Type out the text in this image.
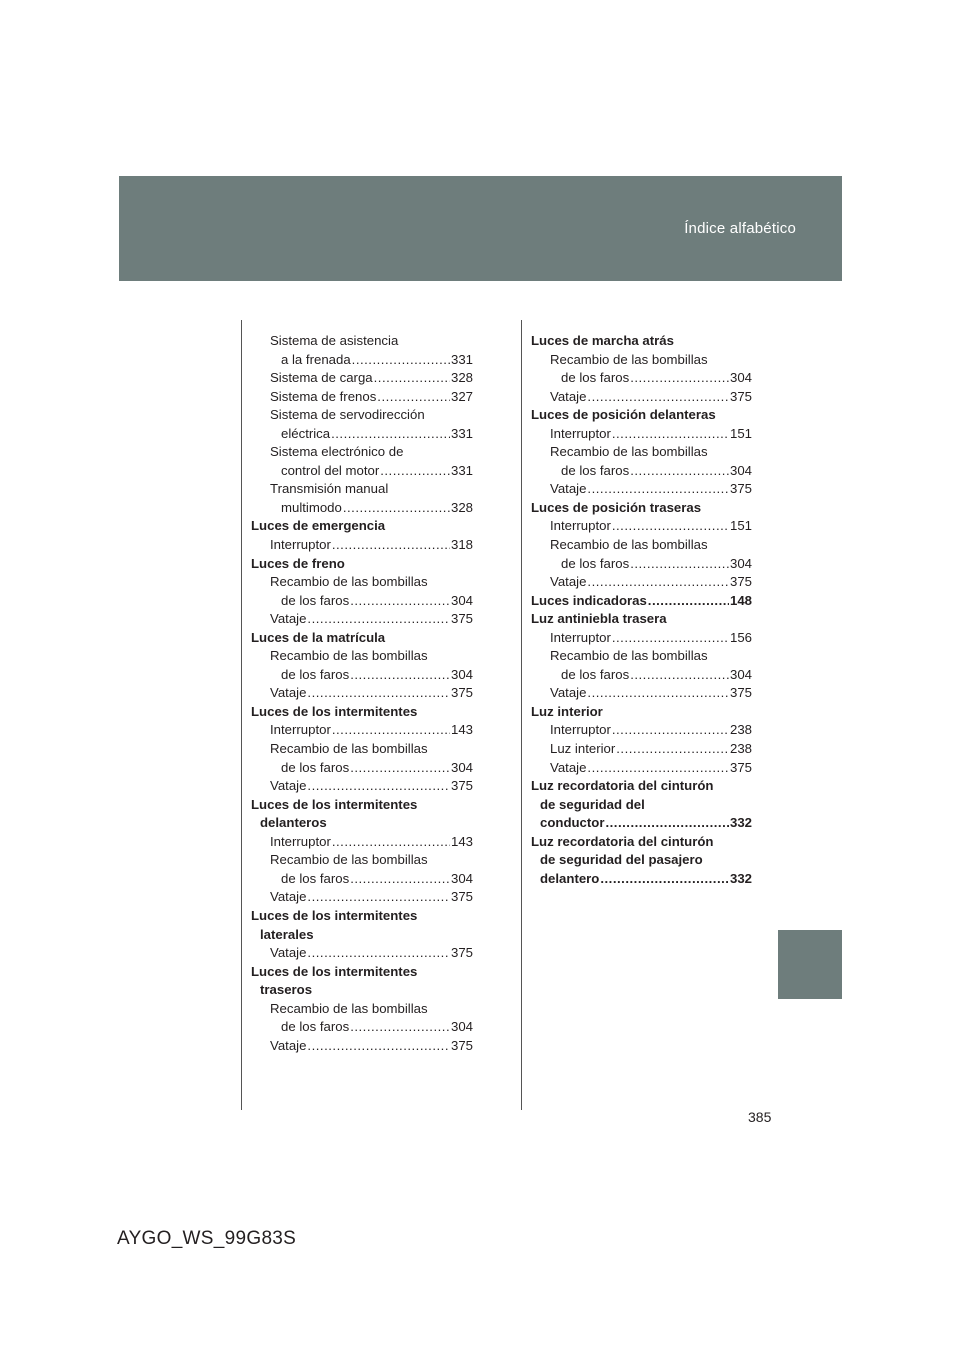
Índice alfabético
Sistema de asistencia
a la frenada .....	331
Sistema de carga .....	328
Sistema de frenos .....	327
Sistema de servodirección
eléctrica .....	331
Sistema electrónico de
control del motor .....	331
Transmisión manual
multimodo .....	328
Luces de emergencia
Interruptor .....	318
Luces de freno
Recambio de las bombillas
de los faros .....	304
Vataje .....	375
Luces de la matrícula
Recambio de las bombillas
de los faros .....	304
Vataje .....	375
Luces de los intermitentes
Interruptor .....	143
Recambio de las bombillas
de los faros .....	304
Vataje .....	375
Luces de los intermitentes
delanteros
Interruptor .....	143
Recambio de las bombillas
de los faros .....	304
Vataje .....	375
Luces de los intermitentes
laterales
Vataje .....	375
Luces de los intermitentes
traseros
Recambio de las bombillas
de los faros .....	304
Vataje .....	375
Luces de marcha atrás
Recambio de las bombillas
de los faros .....	304
Vataje .....	375
Luces de posición delanteras
Interruptor .....	151
Recambio de las bombillas
de los faros .....	304
Vataje .....	375
Luces de posición traseras
Interruptor .....	151
Recambio de las bombillas
de los faros .....	304
Vataje .....	375
Luces indicadoras .....	148
Luz antiniebla trasera
Interruptor .....	156
Recambio de las bombillas
de los faros .....	304
Vataje .....	375
Luz interior
Interruptor .....	238
Luz interior .....	238
Vataje .....	375
Luz recordatoria del cinturón
de seguridad del
conductor .....	332
Luz recordatoria del cinturón
de seguridad del pasajero
delantero .....	332
385
AYGO_WS_99G83S
